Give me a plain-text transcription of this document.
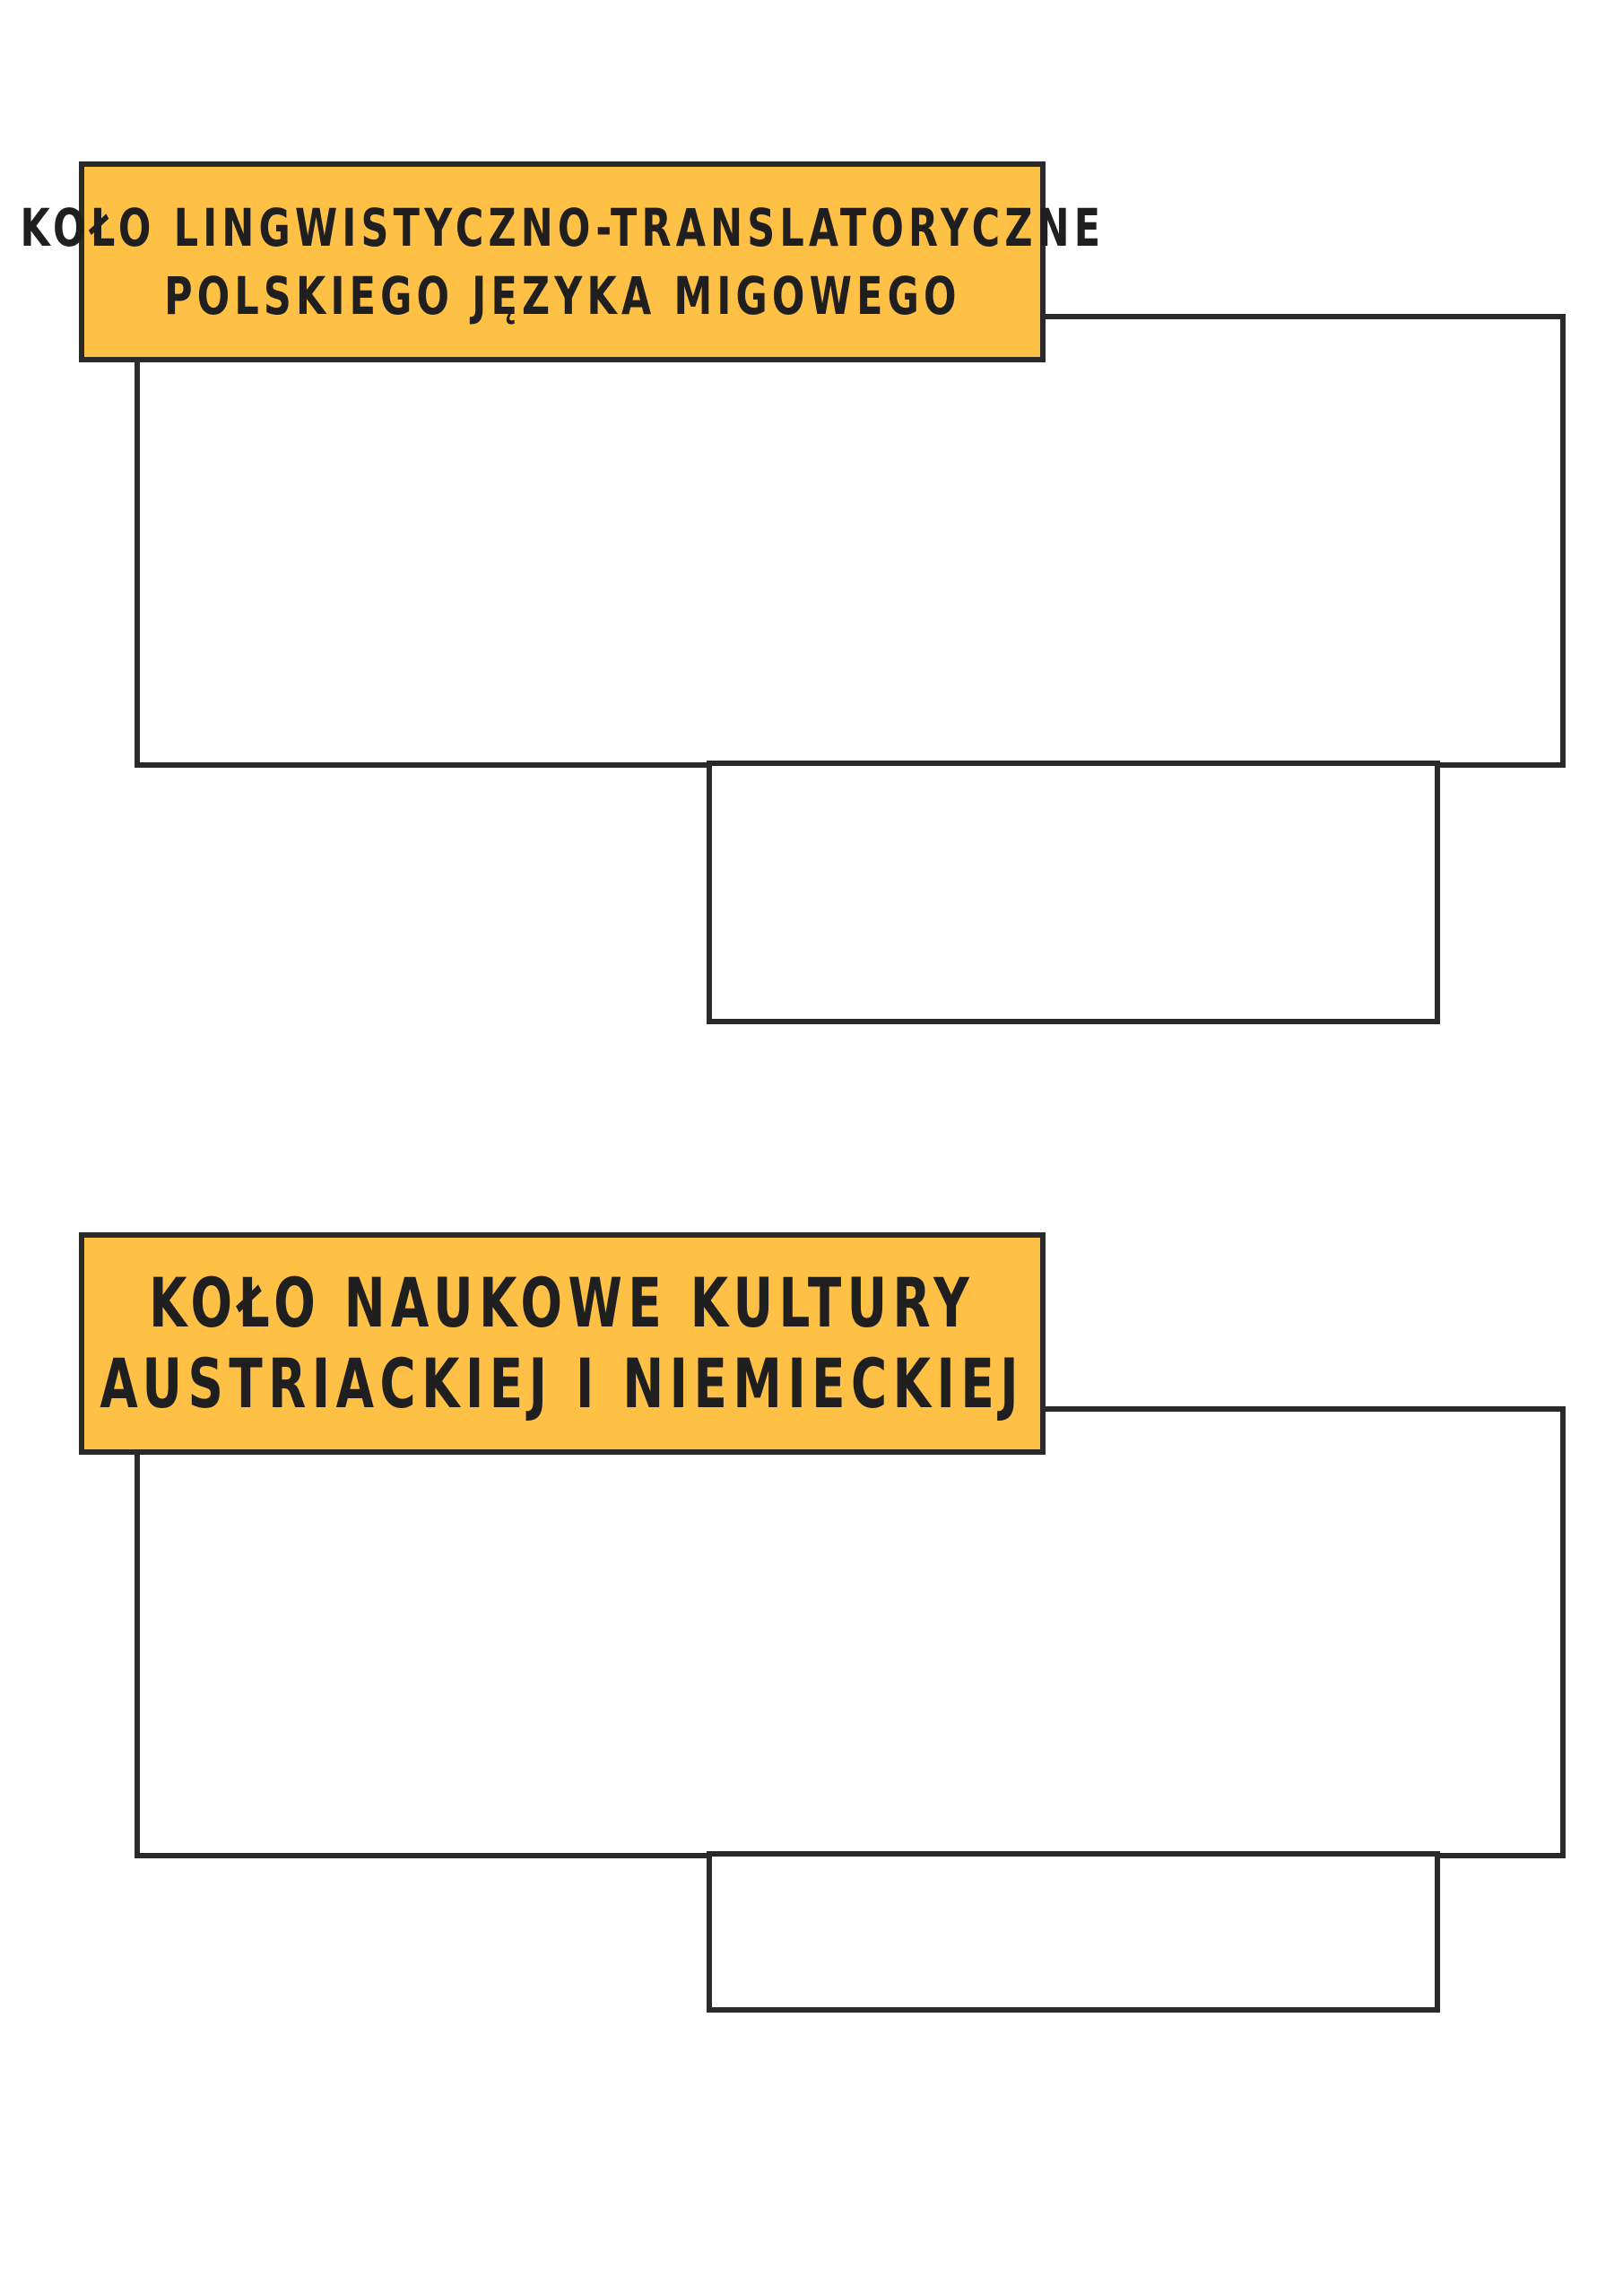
KOŁO LINGWISTYCZNO-TRANSLATORYCZNE
POLSKIEGO JĘZYKA MIGOWEGO
KOŁO NAUKOWE KULTURY
AUSTRIACKIEJ I NIEMIECKIEJ
